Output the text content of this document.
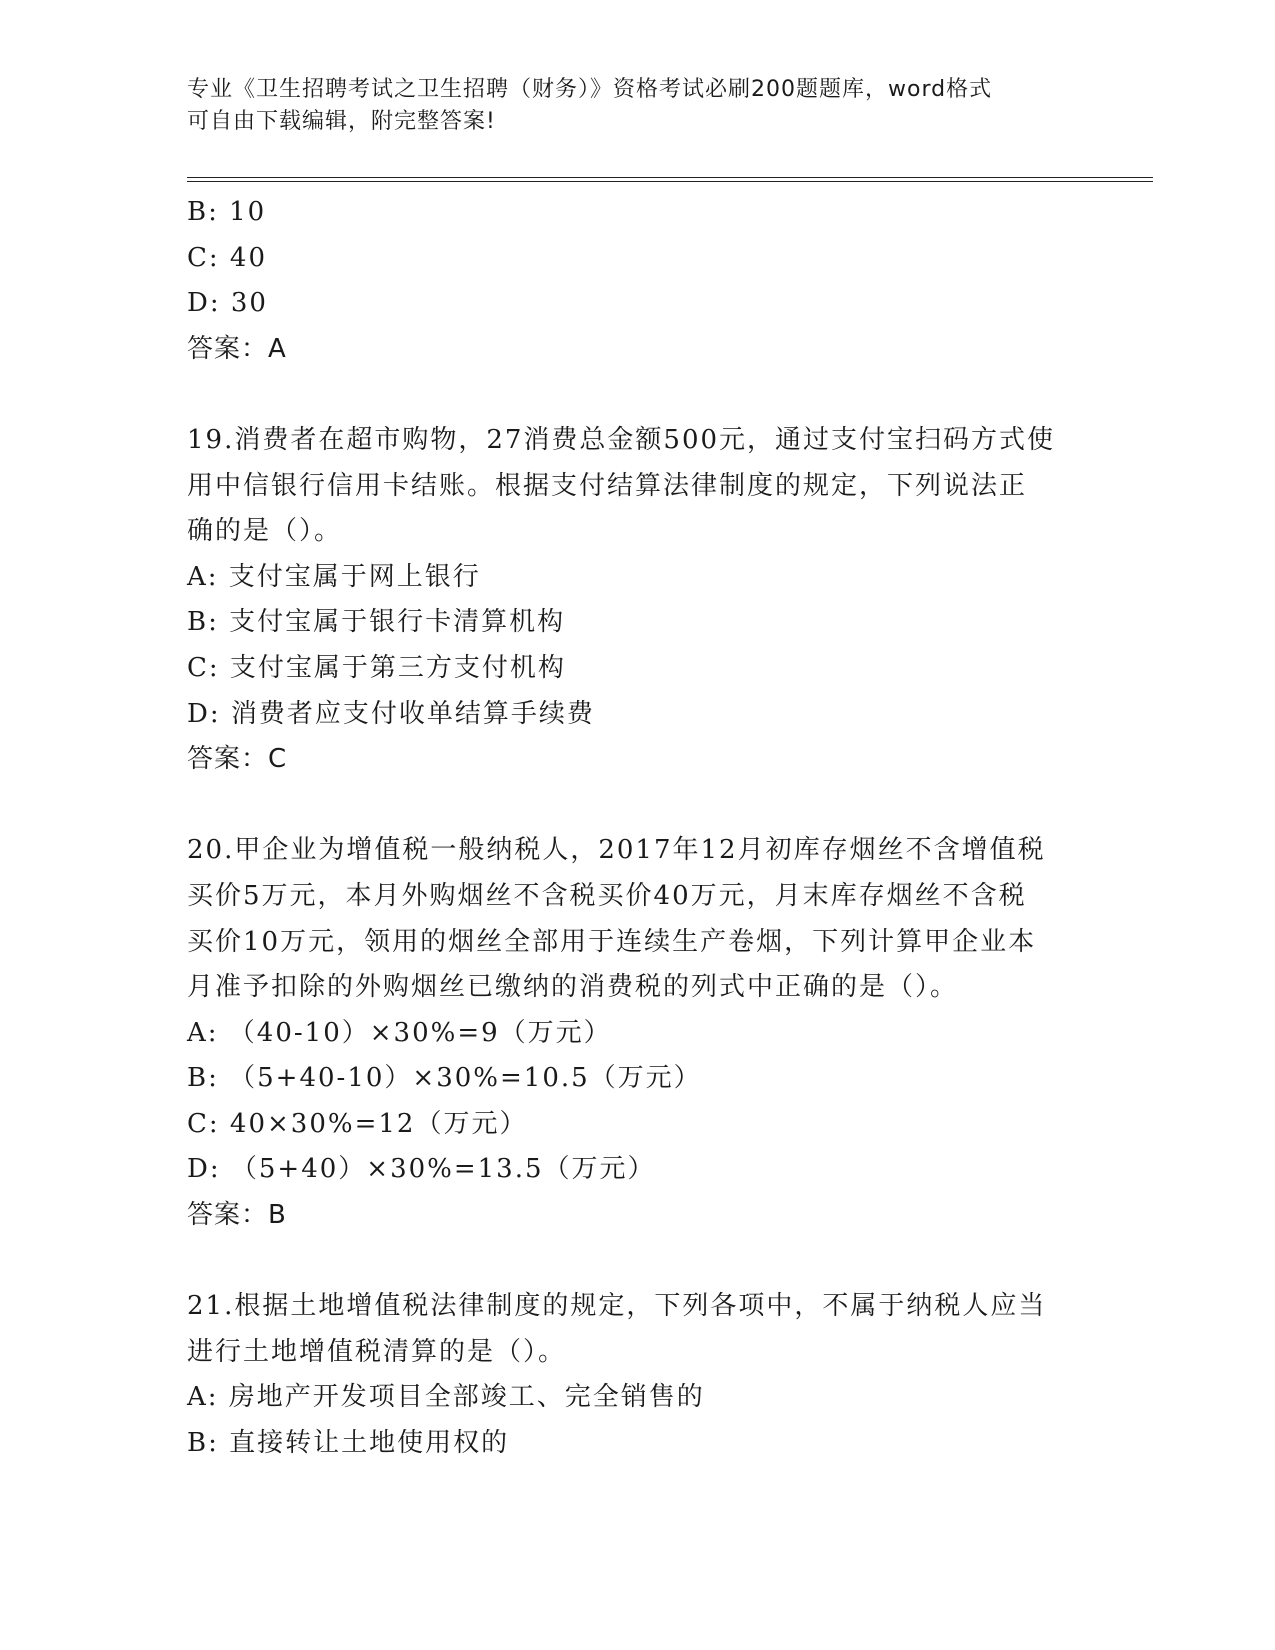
专业《卫生招聘考试之卫生招聘（财务）》资格考试必刷200题题库，word格式
可自由下载编辑，附完整答案!
B: 10
C: 40
D: 30
答案：A
19.消费者在超市购物，27消费总金额500元，通过支付宝扫码方式使
用中信银行信用卡结账。根据支付结算法律制度的规定，下列说法正
确的是（）。
A: 支付宝属于网上银行
B: 支付宝属于银行卡清算机构
C: 支付宝属于第三方支付机构
D: 消费者应支付收单结算手续费
答案：C
20.甲企业为增值税一般纳税人，2017年12月初库存烟丝不含增值税
买价5万元，本月外购烟丝不含税买价40万元，月末库存烟丝不含税
买价10万元，领用的烟丝全部用于连续生产卷烟，下列计算甲企业本
月准予扣除的外购烟丝已缴纳的消费税的列式中正确的是（）。
A: （40-10）×30%=9（万元）
B: （5+40-10）×30%=10.5（万元）
C: 40×30%=12（万元）
D: （5+40）×30%=13.5（万元）
答案：B
21.根据土地增值税法律制度的规定，下列各项中，不属于纳税人应当
进行土地增值税清算的是（）。
A: 房地产开发项目全部竣工、完全销售的
B: 直接转让土地使用权的
